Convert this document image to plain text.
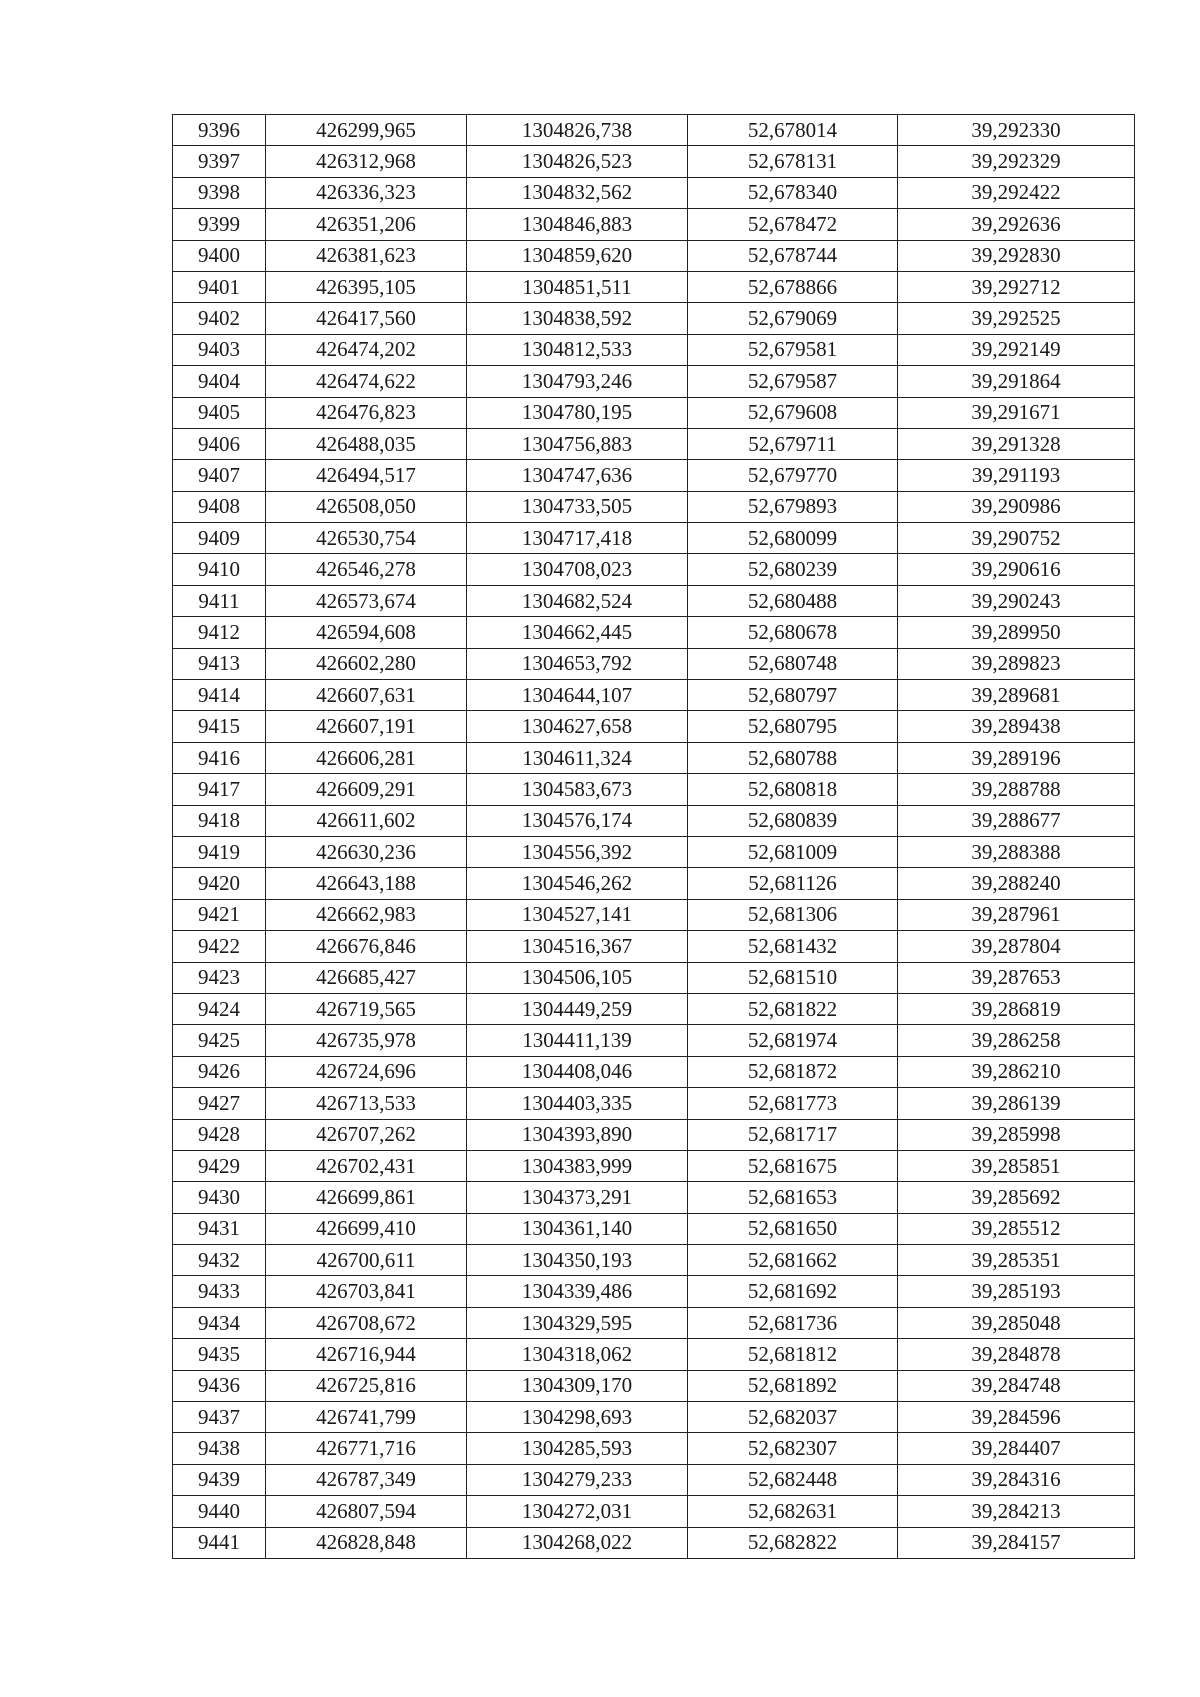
9396	426299,965	1304826,738	52,678014	39,292330
9397	426312,968	1304826,523	52,678131	39,292329
9398	426336,323	1304832,562	52,678340	39,292422
9399	426351,206	1304846,883	52,678472	39,292636
9400	426381,623	1304859,620	52,678744	39,292830
9401	426395,105	1304851,511	52,678866	39,292712
9402	426417,560	1304838,592	52,679069	39,292525
9403	426474,202	1304812,533	52,679581	39,292149
9404	426474,622	1304793,246	52,679587	39,291864
9405	426476,823	1304780,195	52,679608	39,291671
9406	426488,035	1304756,883	52,679711	39,291328
9407	426494,517	1304747,636	52,679770	39,291193
9408	426508,050	1304733,505	52,679893	39,290986
9409	426530,754	1304717,418	52,680099	39,290752
9410	426546,278	1304708,023	52,680239	39,290616
9411	426573,674	1304682,524	52,680488	39,290243
9412	426594,608	1304662,445	52,680678	39,289950
9413	426602,280	1304653,792	52,680748	39,289823
9414	426607,631	1304644,107	52,680797	39,289681
9415	426607,191	1304627,658	52,680795	39,289438
9416	426606,281	1304611,324	52,680788	39,289196
9417	426609,291	1304583,673	52,680818	39,288788
9418	426611,602	1304576,174	52,680839	39,288677
9419	426630,236	1304556,392	52,681009	39,288388
9420	426643,188	1304546,262	52,681126	39,288240
9421	426662,983	1304527,141	52,681306	39,287961
9422	426676,846	1304516,367	52,681432	39,287804
9423	426685,427	1304506,105	52,681510	39,287653
9424	426719,565	1304449,259	52,681822	39,286819
9425	426735,978	1304411,139	52,681974	39,286258
9426	426724,696	1304408,046	52,681872	39,286210
9427	426713,533	1304403,335	52,681773	39,286139
9428	426707,262	1304393,890	52,681717	39,285998
9429	426702,431	1304383,999	52,681675	39,285851
9430	426699,861	1304373,291	52,681653	39,285692
9431	426699,410	1304361,140	52,681650	39,285512
9432	426700,611	1304350,193	52,681662	39,285351
9433	426703,841	1304339,486	52,681692	39,285193
9434	426708,672	1304329,595	52,681736	39,285048
9435	426716,944	1304318,062	52,681812	39,284878
9436	426725,816	1304309,170	52,681892	39,284748
9437	426741,799	1304298,693	52,682037	39,284596
9438	426771,716	1304285,593	52,682307	39,284407
9439	426787,349	1304279,233	52,682448	39,284316
9440	426807,594	1304272,031	52,682631	39,284213
9441	426828,848	1304268,022	52,682822	39,284157
